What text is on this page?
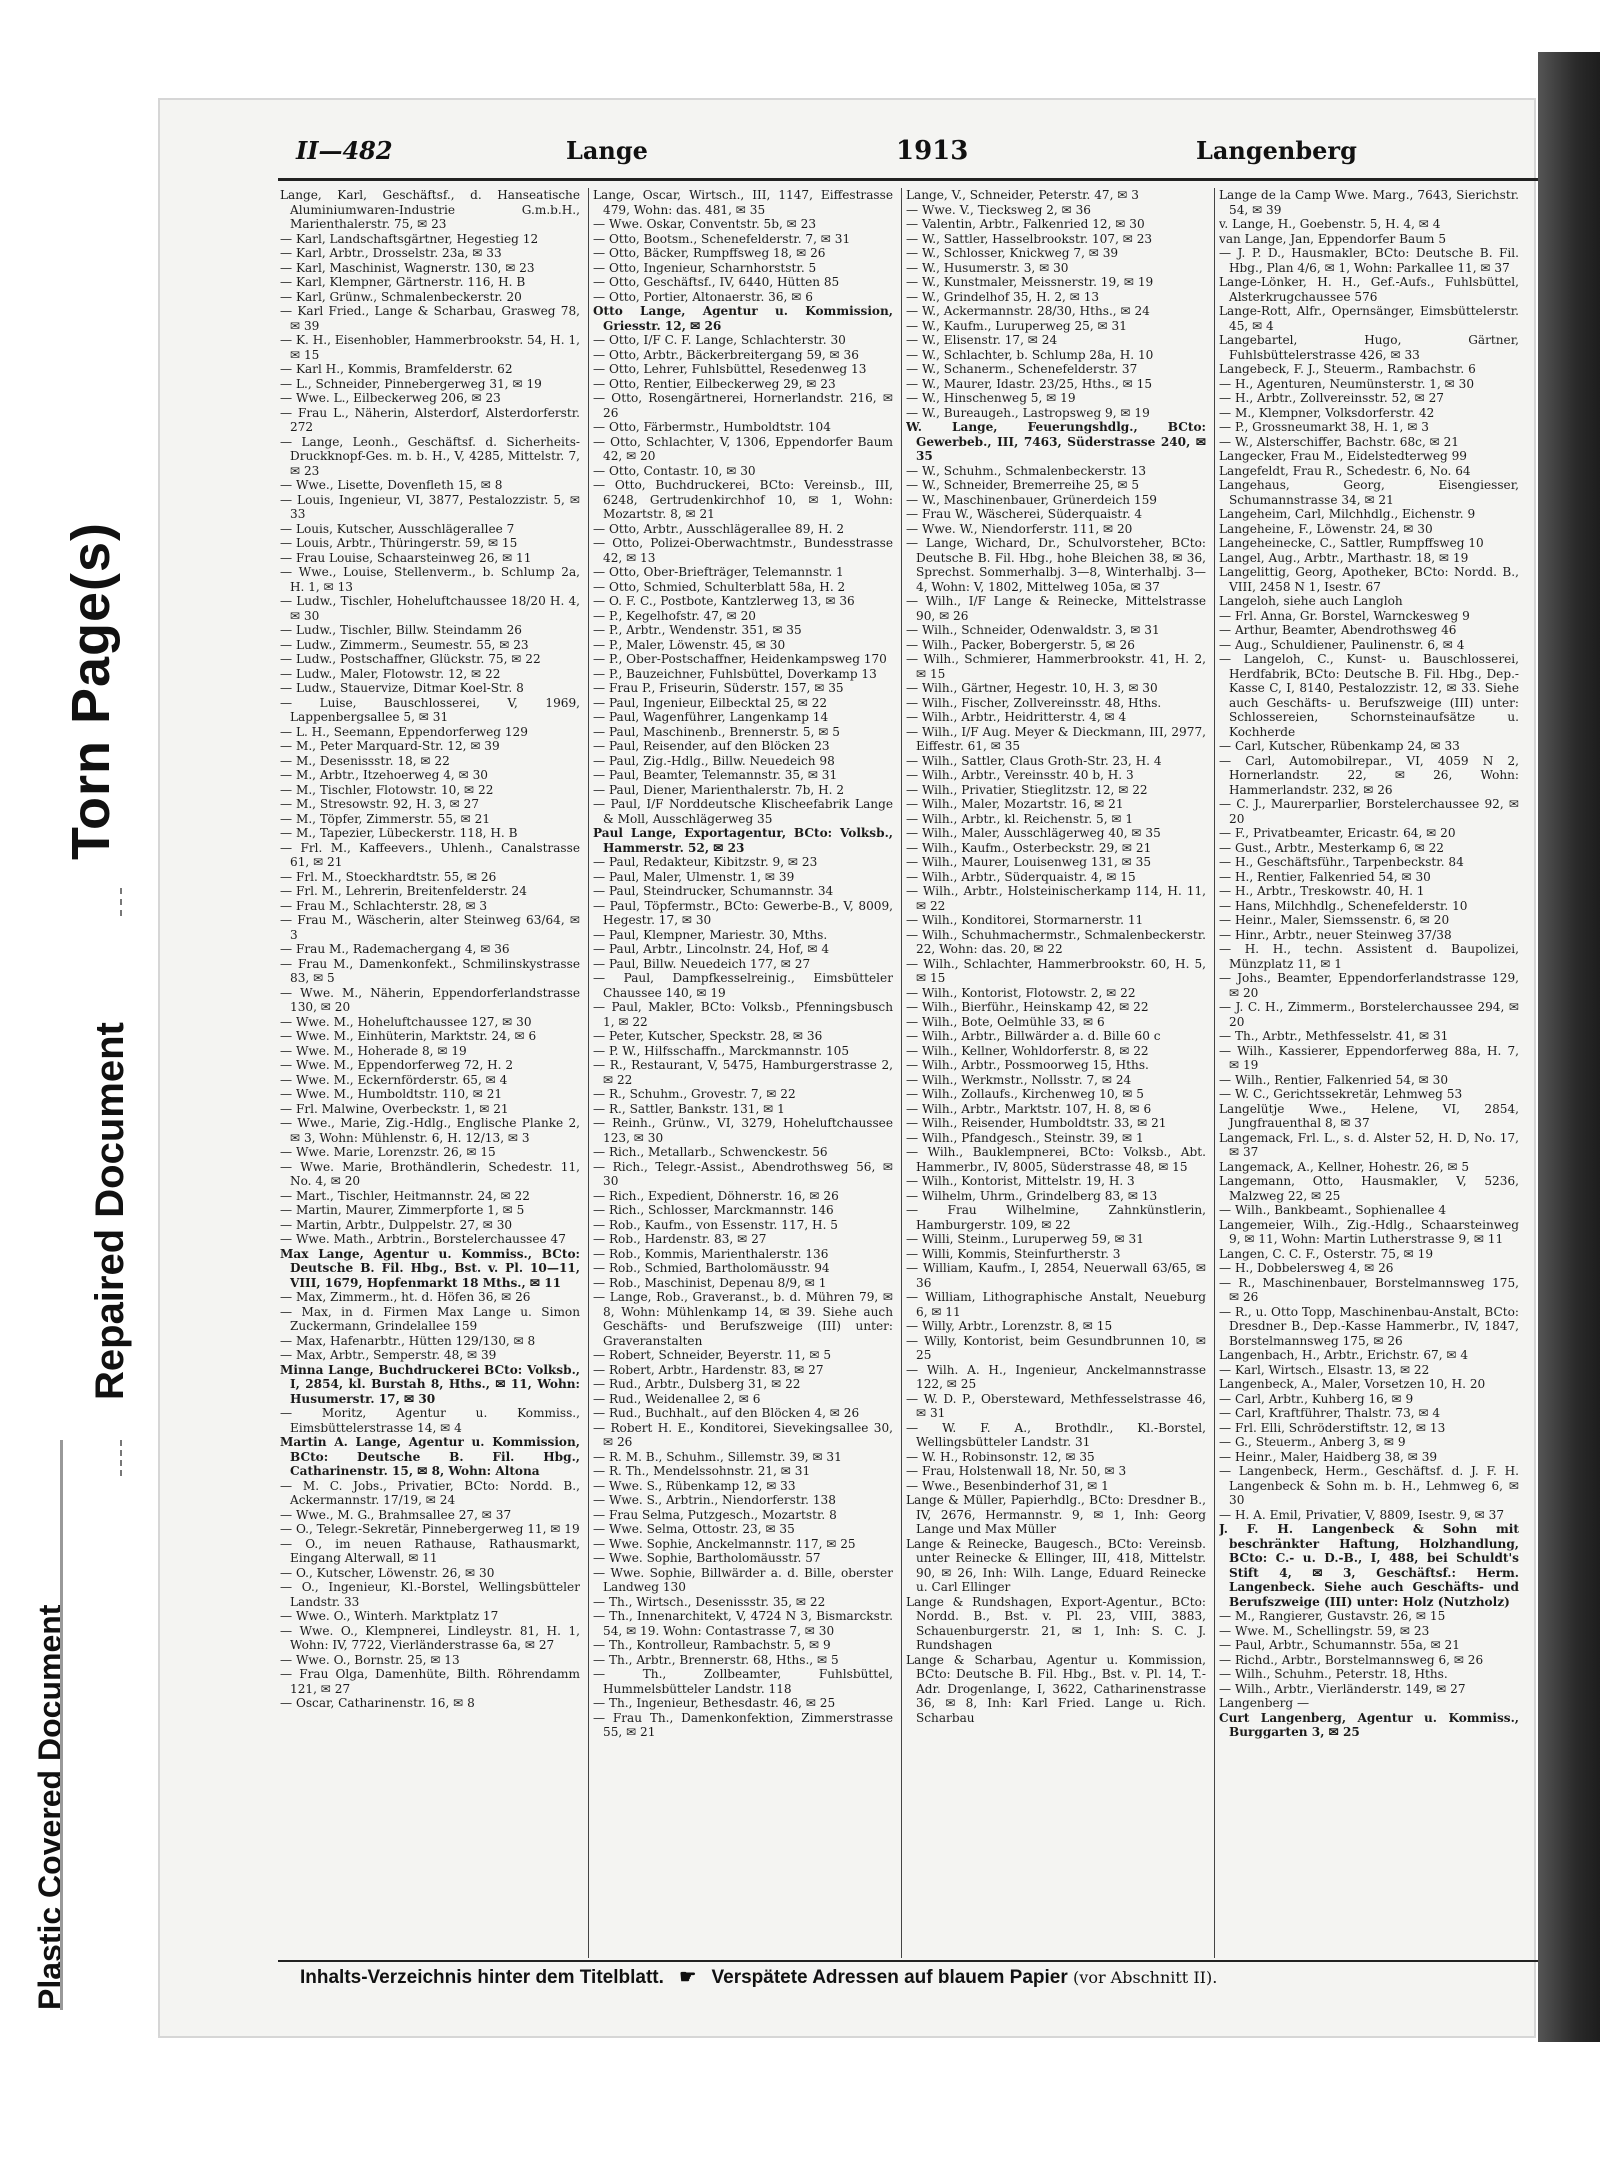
Torn Page(s)
Repaired Document
Plastic Covered Document
II—482	Lange	1913	Langenberg

Lange, Karl, Geschäftsf., d. Hanseatische Aluminiumwaren-Industrie G.m.b.H., Marienthalerstr. 75, ✉ 23

— Karl, Landschaftsgärtner, Hegestieg 12

— Karl, Arbtr., Drosselstr. 23a, ✉ 33

— Karl, Maschinist, Wagnerstr. 130, ✉ 23

— Karl, Klempner, Gärtnerstr. 116, H. B

— Karl, Grünw., Schmalenbeckerstr. 20

— Karl Fried., Lange & Scharbau, Grasweg 78, ✉ 39

— K. H., Eisenhobler, Hammerbrookstr. 54, H. 1, ✉ 15

— Karl H., Kommis, Bramfelderstr. 62

— L., Schneider, Pinnebergerweg 31, ✉ 19

— Wwe. L., Eilbeckerweg 206, ✉ 23

— Frau L., Näherin, Alsterdorf, Alsterdorferstr. 272

— Lange, Leonh., Geschäftsf. d. Sicherheits-Druckknopf-Ges. m. b. H., V, 4285, Mittelstr. 7, ✉ 23

— Wwe., Lisette, Dovenfleth 15, ✉ 8

— Louis, Ingenieur, VI, 3877, Pestalozzistr. 5, ✉ 33

— Louis, Kutscher, Ausschlägerallee 7

— Louis, Arbtr., Thüringerstr. 59, ✉ 15

— Frau Louise, Schaarsteinweg 26, ✉ 11

— Wwe., Louise, Stellenverm., b. Schlump 2a, H. 1, ✉ 13

— Ludw., Tischler, Hoheluftchaussee 18/20 H. 4, ✉ 30

— Ludw., Tischler, Billw. Steindamm 26

— Ludw., Zimmerm., Seumestr. 55, ✉ 23

— Ludw., Postschaffner, Glückstr. 75, ✉ 22

— Ludw., Maler, Flotowstr. 12, ✉ 22

— Ludw., Stauervize, Ditmar Koel-Str. 8

— Luise, Bauschlosserei, V, 1969, Lappenbergsallee 5, ✉ 31

— L. H., Seemann, Eppendorferweg 129

— M., Peter Marquard-Str. 12, ✉ 39

— M., Desenissstr. 18, ✉ 22

— M., Arbtr., Itzehoerweg 4, ✉ 30

— M., Tischler, Flotowstr. 10, ✉ 22

— M., Stresowstr. 92, H. 3, ✉ 27

— M., Töpfer, Zimmerstr. 55, ✉ 21

— M., Tapezier, Lübeckerstr. 118, H. B

— Frl. M., Kaffeevers., Uhlenh., Canalstrasse 61, ✉ 21

— Frl. M., Stoeckhardtstr. 55, ✉ 26

— Frl. M., Lehrerin, Breitenfelderstr. 24

— Frau M., Schlachterstr. 28, ✉ 3

— Frau M., Wäscherin, alter Steinweg 63/64, ✉ 3

— Frau M., Rademachergang 4, ✉ 36

— Frau M., Damenkonfekt., Schmilinskystrasse 83, ✉ 5

— Wwe. M., Näherin, Eppendorferlandstrasse 130, ✉ 20

— Wwe. M., Hoheluftchaussee 127, ✉ 30

— Wwe. M., Einhüterin, Marktstr. 24, ✉ 6

— Wwe. M., Hoherade 8, ✉ 19

— Wwe. M., Eppendorferweg 72, H. 2

— Wwe. M., Eckernförderstr. 65, ✉ 4

— Wwe. M., Humboldtstr. 110, ✉ 21

— Frl. Malwine, Overbeckstr. 1, ✉ 21

— Wwe., Marie, Zig.-Hdlg., Englische Planke 2, ✉ 3, Wohn: Mühlenstr. 6, H. 12/13, ✉ 3

— Wwe. Marie, Lorenzstr. 26, ✉ 15

— Wwe. Marie, Brothändlerin, Schedestr. 11, No. 4, ✉ 20

— Mart., Tischler, Heitmannstr. 24, ✉ 22

— Martin, Maurer, Zimmerpforte 1, ✉ 5

— Martin, Arbtr., Dulppelstr. 27, ✉ 30

— Wwe. Math., Arbtrin., Borstelerchaussee 47

Max Lange, Agentur u. Kommiss., BCto: Deutsche B. Fil. Hbg., Bst. v. Pl. 10—11, VIII, 1679, Hopfenmarkt 18 Mths., ✉ 11

— Max, Zimmerm., ht. d. Höfen 36, ✉ 26

— Max, in d. Firmen Max Lange u. Simon Zuckermann, Grindelallee 159

— Max, Hafenarbtr., Hütten 129/130, ✉ 8

— Max, Arbtr., Semperstr. 48, ✉ 39

Minna Lange, Buchdruckerei BCto: Volksb., I, 2854, kl. Burstah 8, Hths., ✉ 11, Wohn: Husumerstr. 17, ✉ 30

— Moritz, Agentur u. Kommiss., Eimsbüttelerstrasse 14, ✉ 4

Martin A. Lange, Agentur u. Kommission, BCto: Deutsche B. Fil. Hbg., Catharinenstr. 15, ✉ 8, Wohn: Altona

— M. C. Jobs., Privatier, BCto: Nordd. B., Ackermannstr. 17/19, ✉ 24

— Wwe., M. G., Brahmsallee 27, ✉ 37

— O., Telegr.-Sekretär, Pinnebergerweg 11, ✉ 19

— O., im neuen Rathause, Rathausmarkt, Eingang Alterwall, ✉ 11

— O., Kutscher, Löwenstr. 26, ✉ 30

— O., Ingenieur, Kl.-Borstel, Wellingsbütteler Landstr. 33

— Wwe. O., Winterh. Marktplatz 17

— Wwe. O., Klempnerei, Lindleystr. 81, H. 1, Wohn: IV, 7722, Vierländerstrasse 6a, ✉ 27

— Wwe. O., Bornstr. 25, ✉ 13

— Frau Olga, Damenhüte, Bilth. Röhrendamm 121, ✉ 27

— Oscar, Catharinenstr. 16, ✉ 8

Lange, Oscar, Wirtsch., III, 1147, Eiffestrasse 479, Wohn: das. 481, ✉ 35

— Wwe. Oskar, Conventstr. 5b, ✉ 23

— Otto, Bootsm., Schenefelderstr. 7, ✉ 31

— Otto, Bäcker, Rumpffsweg 18, ✉ 26

— Otto, Ingenieur, Scharnhorststr. 5

— Otto, Geschäftsf., IV, 6440, Hütten 85

— Otto, Portier, Altonaerstr. 36, ✉ 6

Otto Lange, Agentur u. Kommission, Griesstr. 12, ✉ 26

— Otto, I/F C. F. Lange, Schlachterstr. 30

— Otto, Arbtr., Bäckerbreitergang 59, ✉ 36

— Otto, Lehrer, Fuhlsbüttel, Resedenweg 13

— Otto, Rentier, Eilbeckerweg 29, ✉ 23

— Otto, Rosengärtnerei, Hornerlandstr. 216, ✉ 26

— Otto, Färbermstr., Humboldtstr. 104

— Otto, Schlachter, V, 1306, Eppendorfer Baum 42, ✉ 20

— Otto, Contastr. 10, ✉ 30

— Otto, Buchdruckerei, BCto: Vereinsb., III, 6248, Gertrudenkirchhof 10, ✉ 1, Wohn: Mozartstr. 8, ✉ 21

— Otto, Arbtr., Ausschlägerallee 89, H. 2

— Otto, Polizei-Oberwachtmstr., Bundesstrasse 42, ✉ 13

— Otto, Ober-Briefträger, Telemannstr. 1

— Otto, Schmied, Schulterblatt 58a, H. 2

— O. F. C., Postbote, Kantzlerweg 13, ✉ 36

— P., Kegelhofstr. 47, ✉ 20

— P., Arbtr., Wendenstr. 351, ✉ 35

— P., Maler, Löwenstr. 45, ✉ 30

— P., Ober-Postschaffner, Heidenkampsweg 170

— P., Bauzeichner, Fuhlsbüttel, Doverkamp 13

— Frau P., Friseurin, Süderstr. 157, ✉ 35

— Paul, Ingenieur, Eilbecktal 25, ✉ 22

— Paul, Wagenführer, Langenkamp 14

— Paul, Maschinenb., Brennerstr. 5, ✉ 5

— Paul, Reisender, auf den Blöcken 23

— Paul, Zig.-Hdlg., Billw. Neuedeich 98

— Paul, Beamter, Telemannstr. 35, ✉ 31

— Paul, Diener, Marienthalerstr. 7b, H. 2

— Paul, I/F Norddeutsche Klischeefabrik Lange & Moll, Ausschlägerweg 35

Paul Lange, Exportagentur, BCto: Volksb., Hammerstr. 52, ✉ 23

— Paul, Redakteur, Kibitzstr. 9, ✉ 23

— Paul, Maler, Ulmenstr. 1, ✉ 39

— Paul, Steindrucker, Schumannstr. 34

— Paul, Töpfermstr., BCto: Gewerbe-B., V, 8009, Hegestr. 17, ✉ 30

— Paul, Klempner, Mariestr. 30, Mths.

— Paul, Arbtr., Lincolnstr. 24, Hof, ✉ 4

— Paul, Billw. Neuedeich 177, ✉ 27

— Paul, Dampfkesselreinig., Eimsbütteler Chaussee 140, ✉ 19

— Paul, Makler, BCto: Volksb., Pfenningsbusch 1, ✉ 22

— Peter, Kutscher, Speckstr. 28, ✉ 36

— P. W., Hilfsschaffn., Marckmannstr. 105

— R., Restaurant, V, 5475, Hamburgerstrasse 2, ✉ 22

— R., Schuhm., Grovestr. 7, ✉ 22

— R., Sattler, Bankstr. 131, ✉ 1

— Reinh., Grünw., VI, 3279, Hoheluftchaussee 123, ✉ 30

— Rich., Metallarb., Schwenckestr. 56

— Rich., Telegr.-Assist., Abendrothsweg 56, ✉ 30

— Rich., Expedient, Döhnerstr. 16, ✉ 26

— Rich., Schlosser, Marckmannstr. 146

— Rob., Kaufm., von Essenstr. 117, H. 5

— Rob., Hardenstr. 83, ✉ 27

— Rob., Kommis, Marienthalerstr. 136

— Rob., Schmied, Bartholomäusstr. 94

— Rob., Maschinist, Depenau 8/9, ✉ 1

— Lange, Rob., Graveranst., b. d. Mühren 79, ✉ 8, Wohn: Mühlenkamp 14, ✉ 39. Siehe auch Geschäfts- und Berufszweige (III) unter: Graveranstalten

— Robert, Schneider, Beyerstr. 11, ✉ 5

— Robert, Arbtr., Hardenstr. 83, ✉ 27

— Rud., Arbtr., Dulsberg 31, ✉ 22

— Rud., Weidenallee 2, ✉ 6

— Rud., Buchhalt., auf den Blöcken 4, ✉ 26

— Robert H. E., Konditorei, Sievekingsallee 30, ✉ 26

— R. M. B., Schuhm., Sillemstr. 39, ✉ 31

— R. Th., Mendelssohnstr. 21, ✉ 31

— Wwe. S., Rübenkamp 12, ✉ 33

— Wwe. S., Arbtrin., Niendorferstr. 138

— Frau Selma, Putzgesch., Mozartstr. 8

— Wwe. Selma, Ottostr. 23, ✉ 35

— Wwe. Sophie, Anckelmannstr. 117, ✉ 25

— Wwe. Sophie, Bartholomäusstr. 57

— Wwe. Sophie, Billwärder a. d. Bille, oberster Landweg 130

— Th., Wirtsch., Desenissstr. 35, ✉ 22

— Th., Innenarchitekt, V, 4724 N 3, Bismarckstr. 54, ✉ 19. Wohn: Contastrasse 7, ✉ 30

— Th., Kontrolleur, Rambachstr. 5, ✉ 9

— Th., Arbtr., Brennerstr. 68, Hths., ✉ 5

— Th., Zollbeamter, Fuhlsbüttel, Hummelsbütteler Landstr. 118

— Th., Ingenieur, Bethesdastr. 46, ✉ 25

— Frau Th., Damenkonfektion, Zimmerstrasse 55, ✉ 21

Lange, V., Schneider, Peterstr. 47, ✉ 3

— Wwe. V., Tiecksweg 2, ✉ 36

— Valentin, Arbtr., Falkenried 12, ✉ 30

— W., Sattler, Hasselbrookstr. 107, ✉ 23

— W., Schlosser, Knickweg 7, ✉ 39

— W., Husumerstr. 3, ✉ 30

— W., Kunstmaler, Meissnerstr. 19, ✉ 19

— W., Grindelhof 35, H. 2, ✉ 13

— W., Ackermannstr. 28/30, Hths., ✉ 24

— W., Kaufm., Luruperweg 25, ✉ 31

— W., Elisenstr. 17, ✉ 24

— W., Schlachter, b. Schlump 28a, H. 10

— W., Schanerm., Schenefelderstr. 37

— W., Maurer, Idastr. 23/25, Hths., ✉ 15

— W., Hinschenweg 5, ✉ 19

— W., Bureaugeh., Lastropsweg 9, ✉ 19

W. Lange, Feuerungshdlg., BCto: Gewerbeb., III, 7463, Süderstrasse 240, ✉ 35

— W., Schuhm., Schmalenbeckerstr. 13

— W., Schneider, Bremerreihe 25, ✉ 5

— W., Maschinenbauer, Grünerdeich 159

— Frau W., Wäscherei, Süderquaistr. 4

— Wwe. W., Niendorferstr. 111, ✉ 20

— Lange, Wichard, Dr., Schulvorsteher, BCto: Deutsche B. Fil. Hbg., hohe Bleichen 38, ✉ 36, Sprechst. Sommerhalbj. 3—8, Winterhalbj. 3—4, Wohn: V, 1802, Mittelweg 105a, ✉ 37

— Wilh., I/F Lange & Reinecke, Mittelstrasse 90, ✉ 26

— Wilh., Schneider, Odenwaldstr. 3, ✉ 31

— Wilh., Packer, Bobergerstr. 5, ✉ 26

— Wilh., Schmierer, Hammerbrookstr. 41, H. 2, ✉ 15

— Wilh., Gärtner, Hegestr. 10, H. 3, ✉ 30

— Wilh., Fischer, Zollvereinsstr. 48, Hths.

— Wilh., Arbtr., Heidritterstr. 4, ✉ 4

— Wilh., I/F Aug. Meyer & Dieckmann, III, 2977, Eiffestr. 61, ✉ 35

— Wilh., Sattler, Claus Groth-Str. 23, H. 4

— Wilh., Arbtr., Vereinsstr. 40 b, H. 3

— Wilh., Privatier, Stieglitzstr. 12, ✉ 22

— Wilh., Maler, Mozartstr. 16, ✉ 21

— Wilh., Arbtr., kl. Reichenstr. 5, ✉ 1

— Wilh., Maler, Ausschlägerweg 40, ✉ 35

— Wilh., Kaufm., Osterbeckstr. 29, ✉ 21

— Wilh., Maurer, Louisenweg 131, ✉ 35

— Wilh., Arbtr., Süderquaistr. 4, ✉ 15

— Wilh., Arbtr., Holsteinischerkamp 114, H. 11, ✉ 22

— Wilh., Konditorei, Stormarnerstr. 11

— Wilh., Schuhmachermstr., Schmalenbeckerstr. 22, Wohn: das. 20, ✉ 22

— Wilh., Schlachter, Hammerbrookstr. 60, H. 5, ✉ 15

— Wilh., Kontorist, Flotowstr. 2, ✉ 22

— Wilh., Bierführ., Heinskamp 42, ✉ 22

— Wilh., Bote, Oelmühle 33, ✉ 6

— Wilh., Arbtr., Billwärder a. d. Bille 60 c

— Wilh., Kellner, Wohldorferstr. 8, ✉ 22

— Wilh., Arbtr., Possmoorweg 15, Hths.

— Wilh., Werkmstr., Nollsstr. 7, ✉ 24

— Wilh., Zollaufs., Kirchenweg 10, ✉ 5

— Wilh., Arbtr., Marktstr. 107, H. 8, ✉ 6

— Wilh., Reisender, Humboldtstr. 33, ✉ 21

— Wilh., Pfandgesch., Steinstr. 39, ✉ 1

— Wilh., Bauklempnerei, BCto: Volksb., Abt. Hammerbr., IV, 8005, Süderstrasse 48, ✉ 15

— Wilh., Kontorist, Mittelstr. 19, H. 3

— Wilhelm, Uhrm., Grindelberg 83, ✉ 13

— Frau Wilhelmine, Zahnkünstlerin, Hamburgerstr. 109, ✉ 22

— Willi, Steinm., Luruperweg 59, ✉ 31

— Willi, Kommis, Steinfurtherstr. 3

— William, Kaufm., I, 2854, Neuerwall 63/65, ✉ 36

— William, Lithographische Anstalt, Neueburg 6, ✉ 11

— Willy, Arbtr., Lorenzstr. 8, ✉ 15

— Willy, Kontorist, beim Gesundbrunnen 10, ✉ 25

— Wilh. A. H., Ingenieur, Anckelmannstrasse 122, ✉ 25

— W. D. P., Obersteward, Methfesselstrasse 46, ✉ 31

— W. F. A., Brothdlr., Kl.-Borstel, Wellingsbütteler Landstr. 31

— W. H., Robinsonstr. 12, ✉ 35

— Frau, Holstenwall 18, Nr. 50, ✉ 3

— Wwe., Besenbinderhof 31, ✉ 1

Lange & Müller, Papierhdlg., BCto: Dresdner B., IV, 2676, Hermannstr. 9, ✉ 1, Inh: Georg Lange und Max Müller

Lange & Reinecke, Baugesch., BCto: Vereinsb. unter Reinecke & Ellinger, III, 418, Mittelstr. 90, ✉ 26, Inh: Wilh. Lange, Eduard Reinecke u. Carl Ellinger

Lange & Rundshagen, Export-Agentur., BCto: Nordd. B., Bst. v. Pl. 23, VIII, 3883, Schauenburgerstr. 21, ✉ 1, Inh: S. C. J. Rundshagen

Lange & Scharbau, Agentur u. Kommission, BCto: Deutsche B. Fil. Hbg., Bst. v. Pl. 14, T.-Adr. Drogenlange, I, 3622, Catharinenstrasse 36, ✉ 8, Inh: Karl Fried. Lange u. Rich. Scharbau

Lange de la Camp Wwe. Marg., 7643, Sierichstr. 54, ✉ 39

v. Lange, H., Goebenstr. 5, H. 4, ✉ 4

van Lange, Jan, Eppendorfer Baum 5

— J. P. D., Hausmakler, BCto: Deutsche B. Fil. Hbg., Plan 4/6, ✉ 1, Wohn: Parkallee 11, ✉ 37

Lange-Lönker, H. H., Gef.-Aufs., Fuhlsbüttel, Alsterkrugchaussee 576

Lange-Rott, Alfr., Opernsänger, Eimsbüttelerstr. 45, ✉ 4

Langebartel, Hugo, Gärtner, Fuhlsbüttelerstrasse 426, ✉ 33

Langebeck, F. J., Steuerm., Rambachstr. 6

— H., Agenturen, Neumünsterstr. 1, ✉ 30

— H., Arbtr., Zollvereinsstr. 52, ✉ 27

— M., Klempner, Volksdorferstr. 42

— P., Grossneumarkt 38, H. 1, ✉ 3

— W., Alsterschiffer, Bachstr. 68c, ✉ 21

Langecker, Frau M., Eidelstedterweg 99

Langefeldt, Frau R., Schedestr. 6, No. 64

Langehaus, Georg, Eisengiesser, Schumannstrasse 34, ✉ 21

Langeheim, Carl, Milchhdlg., Eichenstr. 9

Langeheine, F., Löwenstr. 24, ✉ 30

Langeheinecke, C., Sattler, Rumpffsweg 10

Langel, Aug., Arbtr., Marthastr. 18, ✉ 19

Langelittig, Georg, Apotheker, BCto: Nordd. B., VIII, 2458 N 1, Isestr. 67

Langeloh, siehe auch Langloh

— Frl. Anna, Gr. Borstel, Warnckesweg 9

— Arthur, Beamter, Abendrothsweg 46

— Aug., Schuldiener, Paulinenstr. 6, ✉ 4

— Langeloh, C., Kunst- u. Bauschlosserei, Herdfabrik, BCto: Deutsche B. Fil. Hbg., Dep.-Kasse C, I, 8140, Pestalozzistr. 12, ✉ 33. Siehe auch Geschäfts- u. Berufszweige (III) unter: Schlossereien, Schornsteinaufsätze u. Kochherde

— Carl, Kutscher, Rübenkamp 24, ✉ 33

— Carl, Automobilrepar., VI, 4059 N 2, Hornerlandstr. 22, ✉ 26, Wohn: Hammerlandstr. 232, ✉ 26

— C. J., Maurerparlier, Borstelerchaussee 92, ✉ 20

— F., Privatbeamter, Ericastr. 64, ✉ 20

— Gust., Arbtr., Mesterkamp 6, ✉ 22

— H., Geschäftsführ., Tarpenbeckstr. 84

— H., Rentier, Falkenried 54, ✉ 30

— H., Arbtr., Treskowstr. 40, H. 1

— Hans, Milchhdlg., Schenefelderstr. 10

— Heinr., Maler, Siemssenstr. 6, ✉ 20

— Hinr., Arbtr., neuer Steinweg 37/38

— H. H., techn. Assistent d. Baupolizei, Münzplatz 11, ✉ 1

— Johs., Beamter, Eppendorferlandstrasse 129, ✉ 20

— J. C. H., Zimmerm., Borstelerchaussee 294, ✉ 20

— Th., Arbtr., Methfesselstr. 41, ✉ 31

— Wilh., Kassierer, Eppendorferweg 88a, H. 7, ✉ 19

— Wilh., Rentier, Falkenried 54, ✉ 30

— W. C., Gerichtssekretär, Lehmweg 53

Langelütje Wwe., Helene, VI, 2854, Jungfrauenthal 8, ✉ 37

Langemack, Frl. L., s. d. Alster 52, H. D, No. 17, ✉ 37

Langemack, A., Kellner, Hohestr. 26, ✉ 5

Langemann, Otto, Hausmakler, V, 5236, Malzweg 22, ✉ 25

— Wilh., Bankbeamt., Sophienallee 4

Langemeier, Wilh., Zig.-Hdlg., Schaarsteinweg 9, ✉ 11, Wohn: Martin Lutherstrasse 9, ✉ 11

Langen, C. C. F., Osterstr. 75, ✉ 19

— H., Dobbelersweg 4, ✉ 26

— R., Maschinenbauer, Borstelmannsweg 175, ✉ 26

— R., u. Otto Topp, Maschinenbau-Anstalt, BCto: Dresdner B., Dep.-Kasse Hammerbr., IV, 1847, Borstelmannsweg 175, ✉ 26

Langenbach, H., Arbtr., Erichstr. 67, ✉ 4

— Karl, Wirtsch., Elsastr. 13, ✉ 22

Langenbeck, A., Maler, Vorsetzen 10, H. 20

— Carl, Arbtr., Kuhberg 16, ✉ 9

— Carl, Kraftführer, Thalstr. 73, ✉ 4

— Frl. Elli, Schröderstiftstr. 12, ✉ 13

— G., Steuerm., Anberg 3, ✉ 9

— Heinr., Maler, Haidberg 38, ✉ 39

— Langenbeck, Herm., Geschäftsf. d. J. F. H. Langenbeck & Sohn m. b. H., Lehmweg 6, ✉ 30

— H. A. Emil, Privatier, V, 8809, Isestr. 9, ✉ 37

J. F. H. Langenbeck & Sohn mit beschränkter Haftung, Holzhandlung, BCto: C.- u. D.-B., I, 488, bei Schuldt's Stift 4, ✉ 3, Geschäftsf.: Herm. Langenbeck. Siehe auch Geschäfts- und Berufszweige (III) unter: Holz (Nutzholz)

— M., Rangierer, Gustavstr. 26, ✉ 15

— Wwe. M., Schellingstr. 59, ✉ 23

— Paul, Arbtr., Schumannstr. 55a, ✉ 21

— Richd., Arbtr., Borstelmannsweg 6, ✉ 26

— Wilh., Schuhm., Peterstr. 18, Hths.

— Wilh., Arbtr., Vierländerstr. 149, ✉ 27

Langenberg —

Curt Langenberg, Agentur u. Kommiss., Burggarten 3, ✉ 25

Inhalts-Verzeichnis hinter dem Titelblatt. ☛ Verspätete Adressen auf blauem Papier (vor Abschnitt II).
